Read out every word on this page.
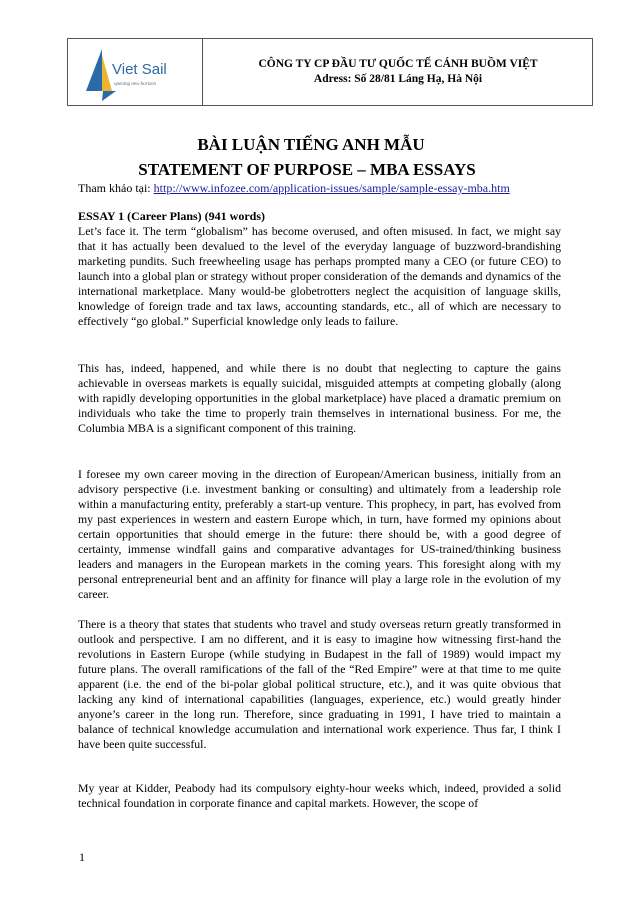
Viet Sail
opening new horizon
CÔNG TY CP ĐẦU TƯ QUỐC TẾ CÁNH BUỒM VIỆT
Adress: Số 28/81 Láng Hạ, Hà Nội
BÀI LUẬN TIẾNG ANH MẪU
STATEMENT OF PURPOSE – MBA ESSAYS
Tham khảo tại: http://www.infozee.com/application-issues/sample/sample-essay-mba.htm
ESSAY 1 (Career Plans) (941 words)
Let’s face it. The term “globalism” has become overused, and often misused. In fact, we might say that it has actually been devalued to the level of the everyday language of buzzword-brandishing marketing pundits. Such freewheeling usage has perhaps prompted many a CEO (or future CEO) to launch into a global plan or strategy without proper consideration of the demands and dynamics of the international marketplace. Many would-be globetrotters neglect the acquisition of language skills, knowledge of foreign trade and tax laws, accounting standards, etc., all of which are necessary to effectively “go global.” Superficial knowledge only leads to failure.
This has, indeed, happened, and while there is no doubt that neglecting to capture the gains achievable in overseas markets is equally suicidal, misguided attempts at competing globally (along with rapidly developing opportunities in the global marketplace) have placed a dramatic premium on individuals who take the time to properly train themselves in international business. For me, the Columbia MBA is a significant component of this training.
I foresee my own career moving in the direction of European/American business, initially from an advisory perspective (i.e. investment banking or consulting) and ultimately from a leadership role within a manufacturing entity, preferably a start-up venture. This prophecy, in part, has evolved from my past experiences in western and eastern Europe which, in turn, have formed my opinions about certain opportunities that should emerge in the future: there should be, with a good degree of certainty, immense windfall gains and comparative advantages for US-trained/thinking business leaders and managers in the European markets in the coming years. This foresight along with my personal entrepreneurial bent and an affinity for finance will play a large role in the evolution of my career.
There is a theory that states that students who travel and study overseas return greatly transformed in outlook and perspective. I am no different, and it is easy to imagine how witnessing first-hand the revolutions in Eastern Europe (while studying in Budapest in the fall of 1989) would impact my future plans. The overall ramifications of the fall of the “Red Empire” were at that time to me quite apparent (i.e. the end of the bi-polar global political structure, etc.), and it was quite obvious that lacking any kind of international capabilities (languages, experience, etc.) would greatly hinder anyone’s career in the long run. Therefore, since graduating in 1991, I have tried to maintain a balance of technical knowledge accumulation and international work experience. Thus far, I think I have been quite successful.
My year at Kidder, Peabody had its compulsory eighty-hour weeks which, indeed, provided a solid technical foundation in corporate finance and capital markets. However, the scope of
1
